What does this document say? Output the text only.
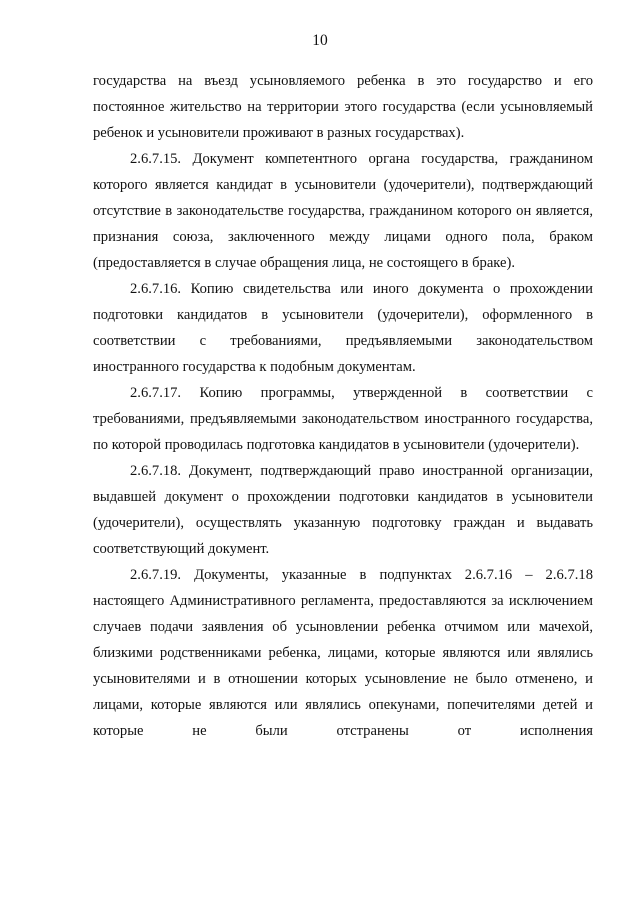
10

государства на въезд усыновляемого ребенка в это государство и его постоянное жительство на территории этого государства (если усыновляемый ребенок и усыновители проживают в разных государствах).

2.6.7.15. Документ компетентного органа государства, гражданином которого является кандидат в усыновители (удочерители), подтверждающий отсутствие в законодательстве государства, гражданином которого он является, признания союза, заключенного между лицами одного пола, браком (предоставляется в случае обращения лица, не состоящего в браке).

2.6.7.16. Копию свидетельства или иного документа о прохождении подготовки кандидатов в усыновители (удочерители), оформленного в соответствии с требованиями, предъявляемыми законодательством иностранного государства к подобным документам.

2.6.7.17. Копию программы, утвержденной в соответствии с требованиями, предъявляемыми законодательством иностранного государства, по которой проводилась подготовка кандидатов в усыновители (удочерители).

2.6.7.18. Документ, подтверждающий право иностранной организации, выдавшей документ о прохождении подготовки кандидатов в усыновители (удочерители), осуществлять указанную подготовку граждан и выдавать соответствующий документ.

2.6.7.19. Документы, указанные в подпунктах 2.6.7.16 – 2.6.7.18 настоящего Административного регламента, предоставляются за исключением случаев подачи заявления об усыновлении ребенка отчимом или мачехой, близкими родственниками ребенка, лицами, которые являются или являлись усыновителями и в отношении которых усыновление не было отменено, и лицами, которые являются или являлись опекунами, попечителями детей и которые не были отстранены от исполнения
